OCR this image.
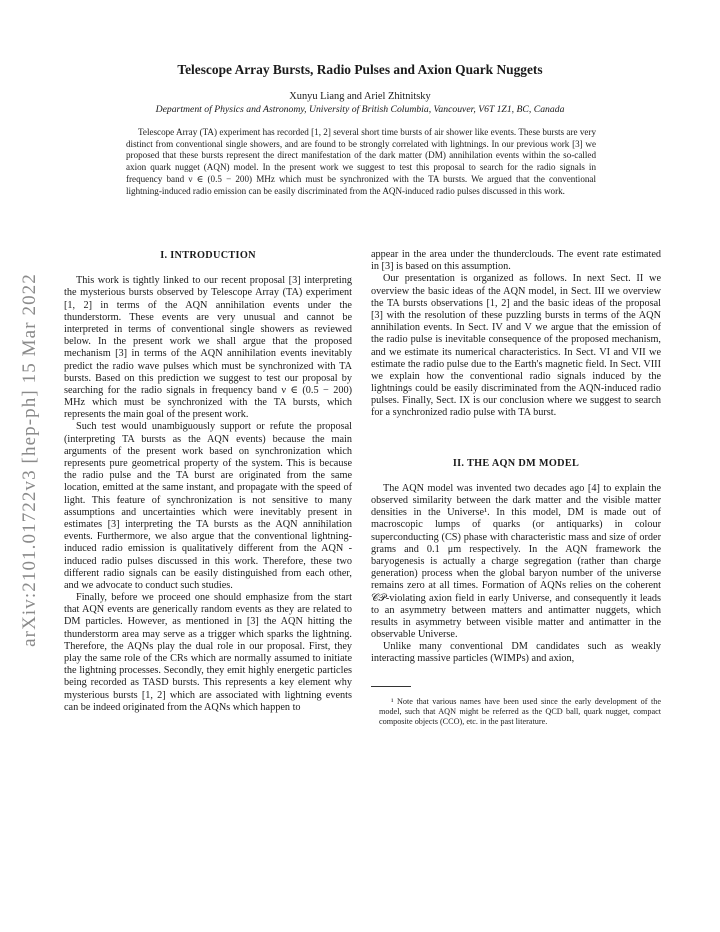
arXiv:2101.01722v3 [hep-ph] 15 Mar 2022
Telescope Array Bursts, Radio Pulses and Axion Quark Nuggets
Xunyu Liang and Ariel Zhitnitsky
Department of Physics and Astronomy, University of British Columbia, Vancouver, V6T 1Z1, BC, Canada

Telescope Array (TA) experiment has recorded [1, 2] several short time bursts of air shower like events. These bursts are very distinct from conventional single showers, and are found to be strongly correlated with lightnings. In our previous work [3] we proposed that these bursts represent the direct manifestation of the dark matter (DM) annihilation events within the so-called axion quark nugget (AQN) model. In the present work we suggest to test this proposal to search for the radio signals in frequency band ν ∈ (0.5 − 200) MHz which must be synchronized with the TA bursts. We argued that the conventional lightning-induced radio emission can be easily discriminated from the AQN-induced radio pulses discussed in this work.

I. INTRODUCTION

This work is tightly linked to our recent proposal [3] interpreting the mysterious bursts observed by Telescope Array (TA) experiment [1, 2] in terms of the AQN annihilation events under the thunderstorm. These events are very unusual and cannot be interpreted in terms of conventional single showers as reviewed below. In the present work we shall argue that the proposed mechanism [3] in terms of the AQN annihilation events inevitably predict the radio wave pulses which must be synchronized with TA bursts. Based on this prediction we suggest to test our proposal by searching for the radio signals in frequency band ν ∈ (0.5 − 200) MHz which must be synchronized with the TA bursts, which represents the main goal of the present work.

Such test would unambiguously support or refute the proposal (interpreting TA bursts as the AQN events) because the main arguments of the present work based on synchronization which represents pure geometrical property of the system. This is because the radio pulse and the TA burst are originated from the same location, emitted at the same instant, and propagate with the speed of light. This feature of synchronization is not sensitive to many assumptions and uncertainties which were inevitably present in estimates [3] interpreting the TA bursts as the AQN annihilation events. Furthermore, we also argue that the conventional lightning-induced radio emission is qualitatively different from the AQN -induced radio pulses discussed in this work. Therefore, these two different radio signals can be easily distinguished from each other, and we advocate to conduct such studies.

Finally, before we proceed one should emphasize from the start that AQN events are generically random events as they are related to DM particles. However, as mentioned in [3] the AQN hitting the thunderstorm area may serve as a trigger which sparks the lightning. Therefore, the AQNs play the dual role in our proposal. First, they play the same role of the CRs which are normally assumed to initiate the lightning processes. Secondly, they emit highly energetic particles being recorded as TASD bursts. This represents a key element why mysterious bursts [1, 2] which are associated with lightning events can be indeed originated from the AQNs which happen to

appear in the area under the thunderclouds. The event rate estimated in [3] is based on this assumption.

Our presentation is organized as follows. In next Sect. II we overview the basic ideas of the AQN model, in Sect. III we overview the TA bursts observations [1, 2] and the basic ideas of the proposal [3] with the resolution of these puzzling bursts in terms of the AQN annihilation events. In Sect. IV and V we argue that the emission of the radio pulse is inevitable consequence of the proposed mechanism, and we estimate its numerical characteristics. In Sect. VI and VII we estimate the radio pulse due to the Earth's magnetic field. In Sect. VIII we explain how the conventional radio signals induced by the lightnings could be easily discriminated from the AQN-induced radio pulses. Finally, Sect. IX is our conclusion where we suggest to search for a synchronized radio pulse with TA burst.

II. THE AQN DM MODEL

The AQN model was invented two decades ago [4] to explain the observed similarity between the dark matter and the visible matter densities in the Universe¹. In this model, DM is made out of macroscopic lumps of quarks (or antiquarks) in colour superconducting (CS) phase with characteristic mass and size of order grams and 0.1 μm respectively. In the AQN framework the baryogenesis is actually a charge segregation (rather than charge generation) process when the global baryon number of the universe remains zero at all times. Formation of AQNs relies on the coherent 𝒞𝒫-violating axion field in early Universe, and consequently it leads to an asymmetry between matters and antimatter nuggets, which results in asymmetry between visible matter and antimatter in the observable Universe.

Unlike many conventional DM candidates such as weakly interacting massive particles (WIMPs) and axion,

¹ Note that various names have been used since the early development of the model, such that AQN might be referred as the QCD ball, quark nugget, compact composite objects (CCO), etc. in the past literature.
